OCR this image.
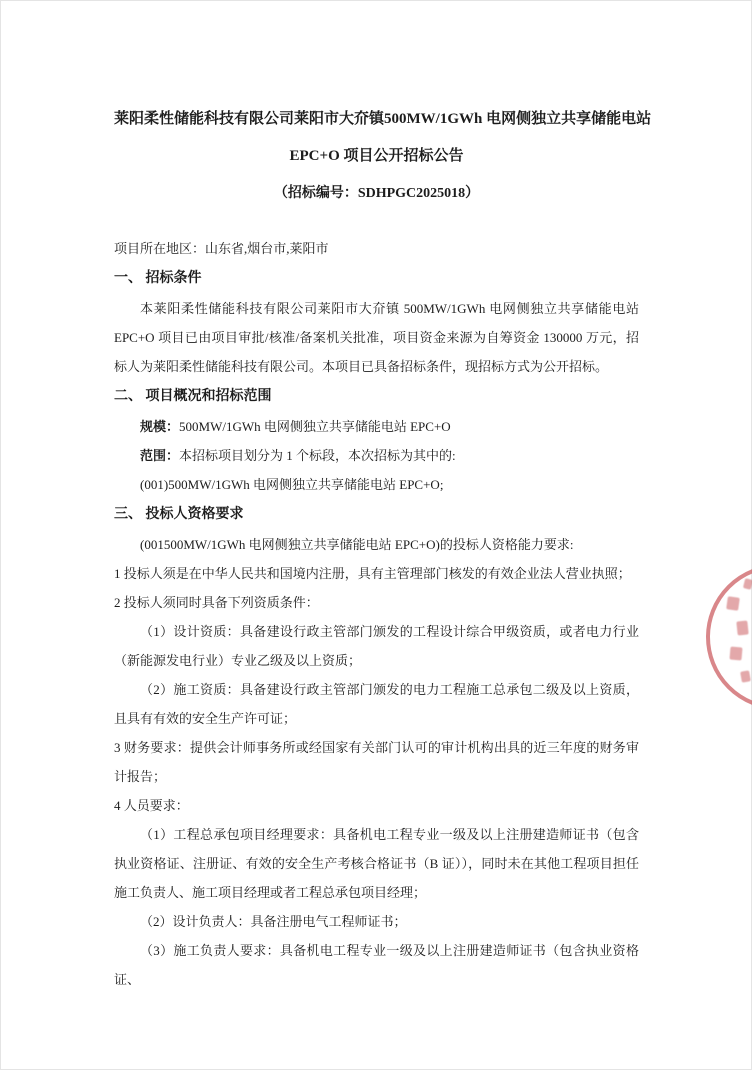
莱阳柔性储能科技有限公司莱阳市大夼镇500MW/1GWh 电网侧独立共享储能电站
EPC+O 项目公开招标公告
（招标编号：SDHPGC2025018）

项目所在地区：山东省,烟台市,莱阳市

一、 招标条件

本莱阳柔性储能科技有限公司莱阳市大夼镇 500MW/1GWh 电网侧独立共享储能电站 EPC+O 项目已由项目审批/核准/备案机关批准，项目资金来源为自筹资金 130000 万元，招标人为莱阳柔性储能科技有限公司。本项目已具备招标条件，现招标方式为公开招标。

二、 项目概况和招标范围

规模：500MW/1GWh 电网侧独立共享储能电站 EPC+O

范围：本招标项目划分为 1 个标段，本次招标为其中的:

(001)500MW/1GWh 电网侧独立共享储能电站 EPC+O;

三、 投标人资格要求

(001500MW/1GWh 电网侧独立共享储能电站 EPC+O)的投标人资格能力要求:

1 投标人须是在中华人民共和国境内注册，具有主管理部门核发的有效企业法人营业执照；

2 投标人须同时具备下列资质条件：

（1）设计资质：具备建设行政主管部门颁发的工程设计综合甲级资质，或者电力行业（新能源发电行业）专业乙级及以上资质；

（2）施工资质：具备建设行政主管部门颁发的电力工程施工总承包二级及以上资质，且具有有效的安全生产许可证；

3 财务要求：提供会计师事务所或经国家有关部门认可的审计机构出具的近三年度的财务审计报告；

4 人员要求：

（1）工程总承包项目经理要求：具备机电工程专业一级及以上注册建造师证书（包含执业资格证、注册证、有效的安全生产考核合格证书（B 证）），同时未在其他工程项目担任施工负责人、施工项目经理或者工程总承包项目经理；

（2）设计负责人：具备注册电气工程师证书；

（3）施工负责人要求：具备机电工程专业一级及以上注册建造师证书（包含执业资格证、
